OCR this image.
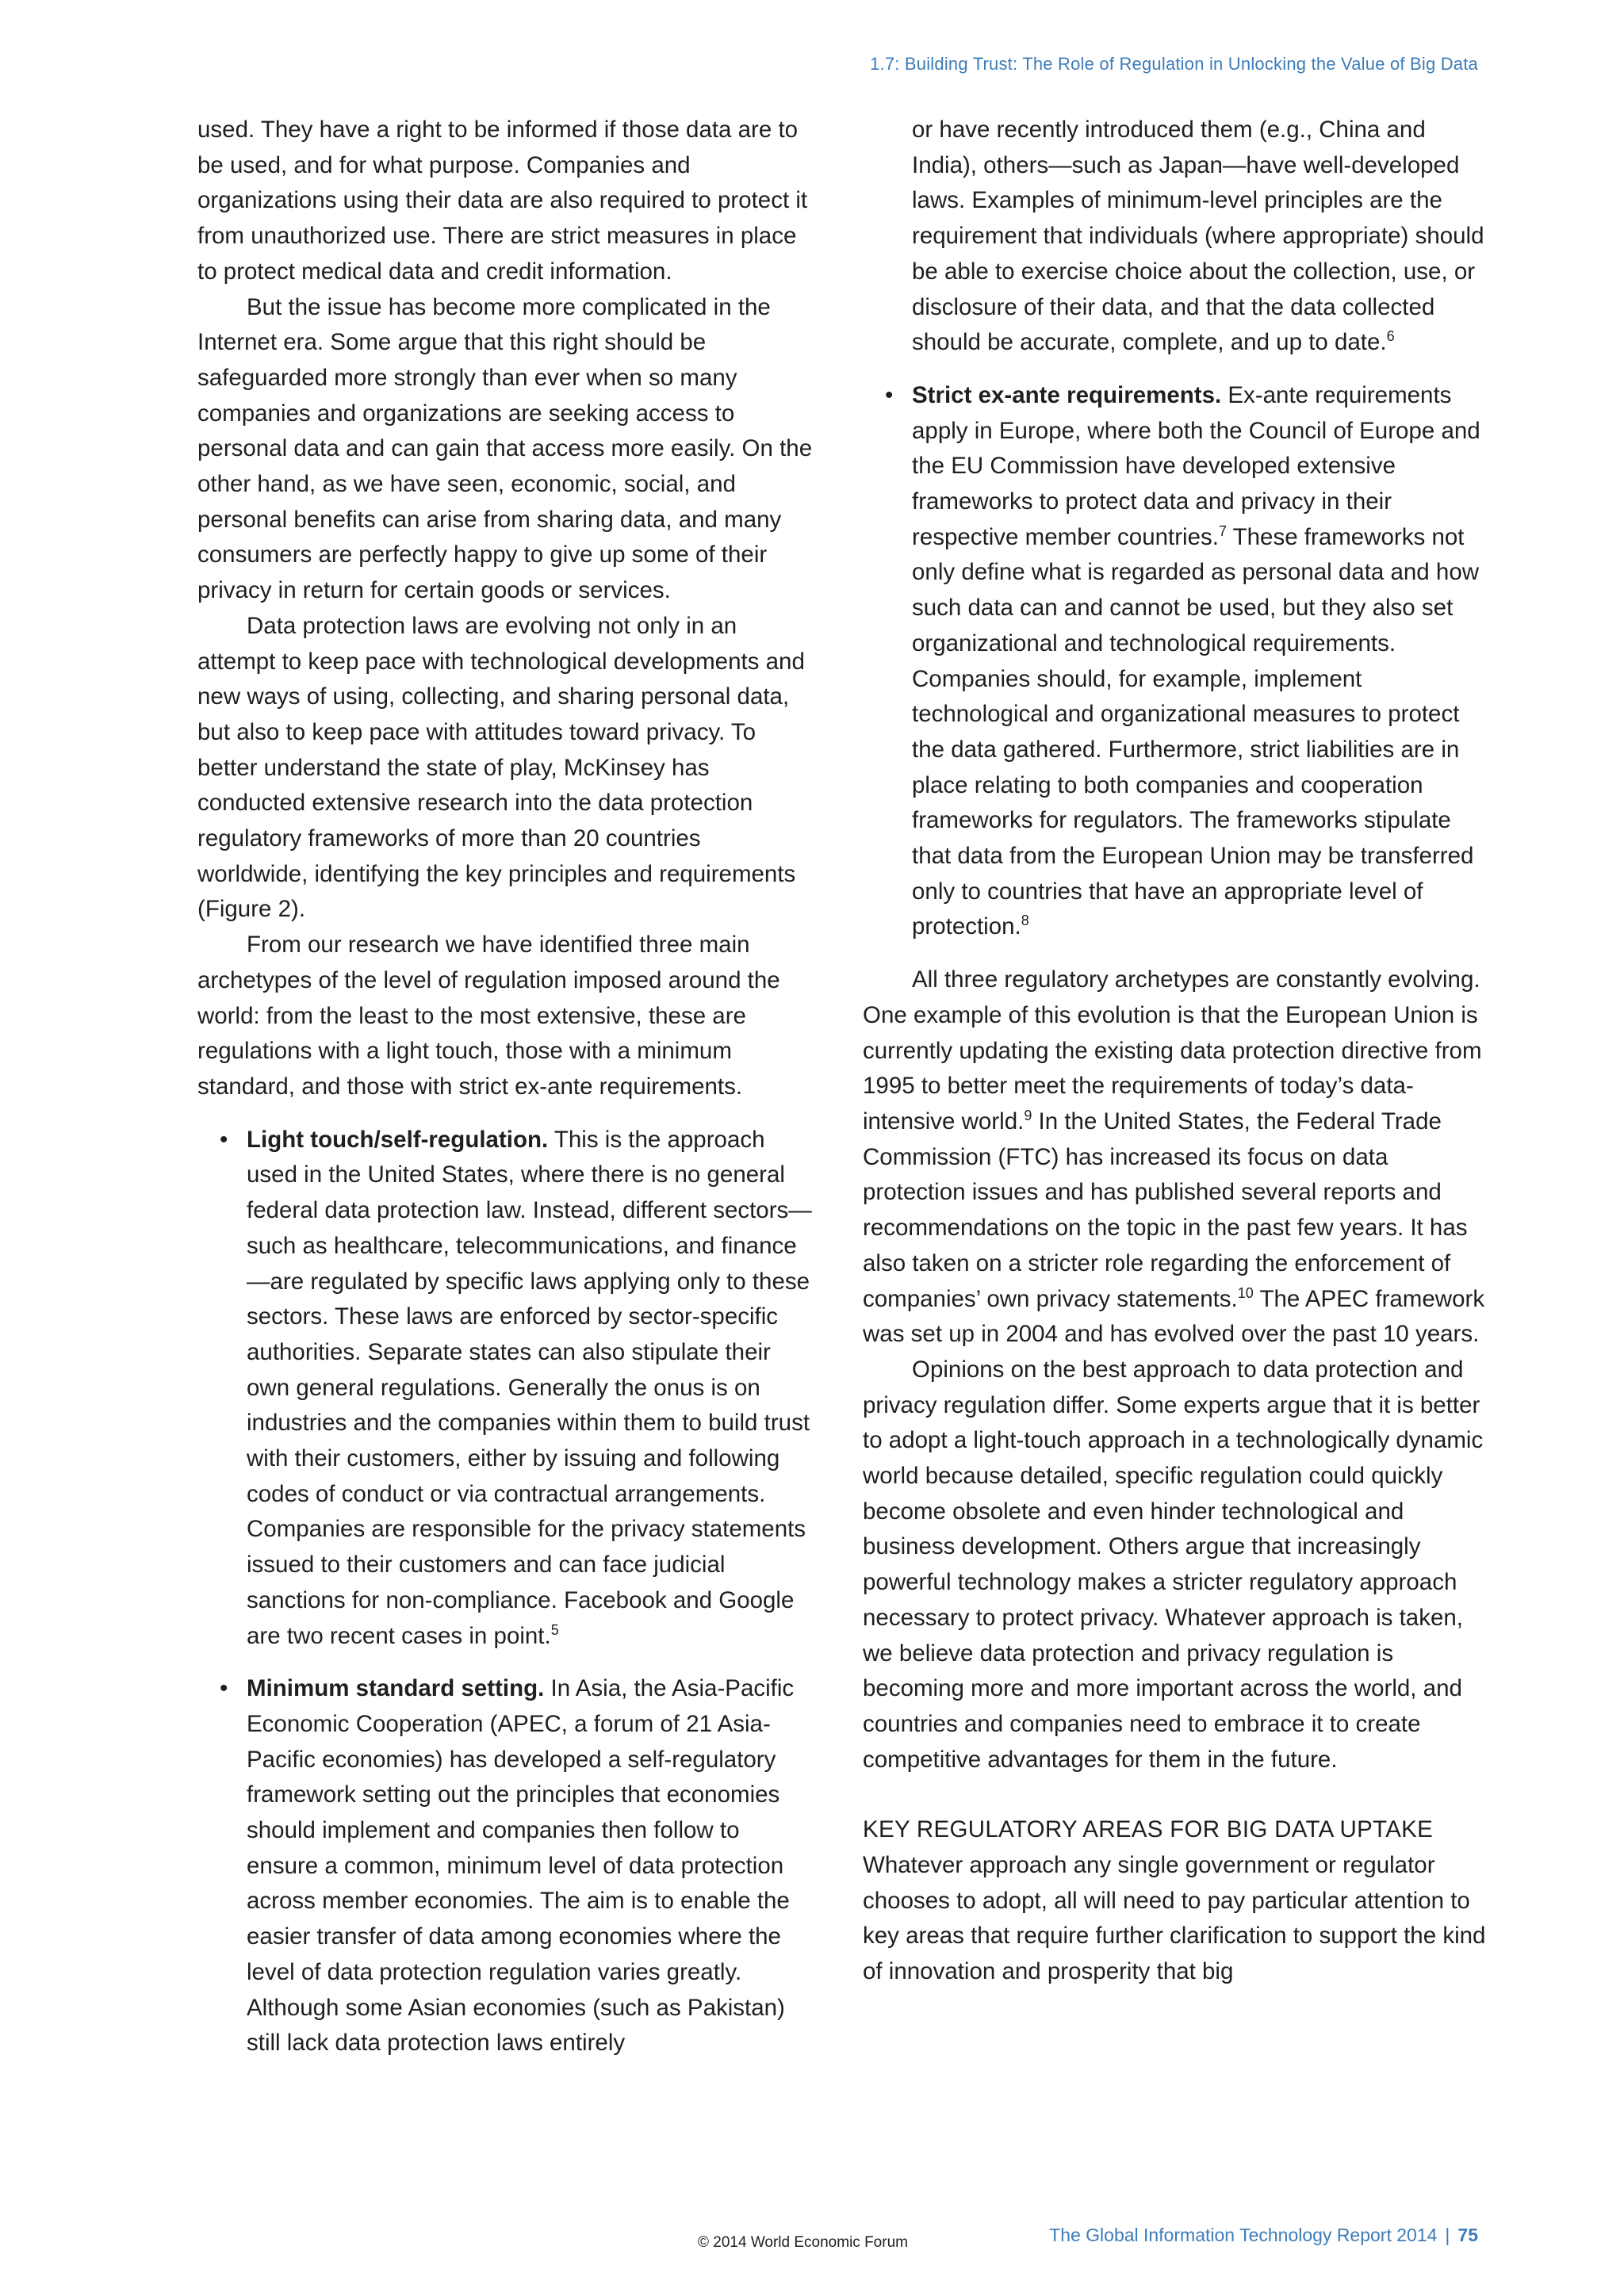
1.7: Building Trust: The Role of Regulation in Unlocking the Value of Big Data

used. They have a right to be informed if those data are to be used, and for what purpose. Companies and organizations using their data are also required to protect it from unauthorized use. There are strict measures in place to protect medical data and credit information.

But the issue has become more complicated in the Internet era. Some argue that this right should be safeguarded more strongly than ever when so many companies and organizations are seeking access to personal data and can gain that access more easily. On the other hand, as we have seen, economic, social, and personal benefits can arise from sharing data, and many consumers are perfectly happy to give up some of their privacy in return for certain goods or services.

Data protection laws are evolving not only in an attempt to keep pace with technological developments and new ways of using, collecting, and sharing personal data, but also to keep pace with attitudes toward privacy. To better understand the state of play, McKinsey has conducted extensive research into the data protection regulatory frameworks of more than 20 countries worldwide, identifying the key principles and requirements (Figure 2).

From our research we have identified three main archetypes of the level of regulation imposed around the world: from the least to the most extensive, these are regulations with a light touch, those with a minimum standard, and those with strict ex-ante requirements.

• Light touch/self-regulation. This is the approach used in the United States, where there is no general federal data protection law. Instead, different sectors—such as healthcare, telecommunications, and finance—are regulated by specific laws applying only to these sectors. These laws are enforced by sector-specific authorities. Separate states can also stipulate their own general regulations. Generally the onus is on industries and the companies within them to build trust with their customers, either by issuing and following codes of conduct or via contractual arrangements. Companies are responsible for the privacy statements issued to their customers and can face judicial sanctions for non-compliance. Facebook and Google are two recent cases in point.$^5$
• Minimum standard setting. In Asia, the Asia-Pacific Economic Cooperation (APEC, a forum of 21 Asia-Pacific economies) has developed a self-regulatory framework setting out the principles that economies should implement and companies then follow to ensure a common, minimum level of data protection across member economies. The aim is to enable the easier transfer of data among economies where the level of data protection regulation varies greatly. Although some Asian economies (such as Pakistan) still lack data protection laws entirely

or have recently introduced them (e.g., China and India), others—such as Japan—have well-developed laws. Examples of minimum-level principles are the requirement that individuals (where appropriate) should be able to exercise choice about the collection, use, or disclosure of their data, and that the data collected should be accurate, complete, and up to date.$^6$

• Strict ex-ante requirements. Ex-ante requirements apply in Europe, where both the Council of Europe and the EU Commission have developed extensive frameworks to protect data and privacy in their respective member countries.$^7$ These frameworks not only define what is regarded as personal data and how such data can and cannot be used, but they also set organizational and technological requirements. Companies should, for example, implement technological and organizational measures to protect the data gathered. Furthermore, strict liabilities are in place relating to both companies and cooperation frameworks for regulators. The frameworks stipulate that data from the European Union may be transferred only to countries that have an appropriate level of protection.$^8$

All three regulatory archetypes are constantly evolving. One example of this evolution is that the European Union is currently updating the existing data protection directive from 1995 to better meet the requirements of today’s data-intensive world.$^9$ In the United States, the Federal Trade Commission (FTC) has increased its focus on data protection issues and has published several reports and recommendations on the topic in the past few years. It has also taken on a stricter role regarding the enforcement of companies’ own privacy statements.$^{10}$ The APEC framework was set up in 2004 and has evolved over the past 10 years.

Opinions on the best approach to data protection and privacy regulation differ. Some experts argue that it is better to adopt a light-touch approach in a technologically dynamic world because detailed, specific regulation could quickly become obsolete and even hinder technological and business development. Others argue that increasingly powerful technology makes a stricter regulatory approach necessary to protect privacy. Whatever approach is taken, we believe data protection and privacy regulation is becoming more and more important across the world, and countries and companies need to embrace it to create competitive advantages for them in the future.

KEY REGULATORY AREAS FOR BIG DATA UPTAKE

Whatever approach any single government or regulator chooses to adopt, all will need to pay particular attention to key areas that require further clarification to support the kind of innovation and prosperity that big

The Global Information Technology Report 2014 | 75
© 2014 World Economic Forum
